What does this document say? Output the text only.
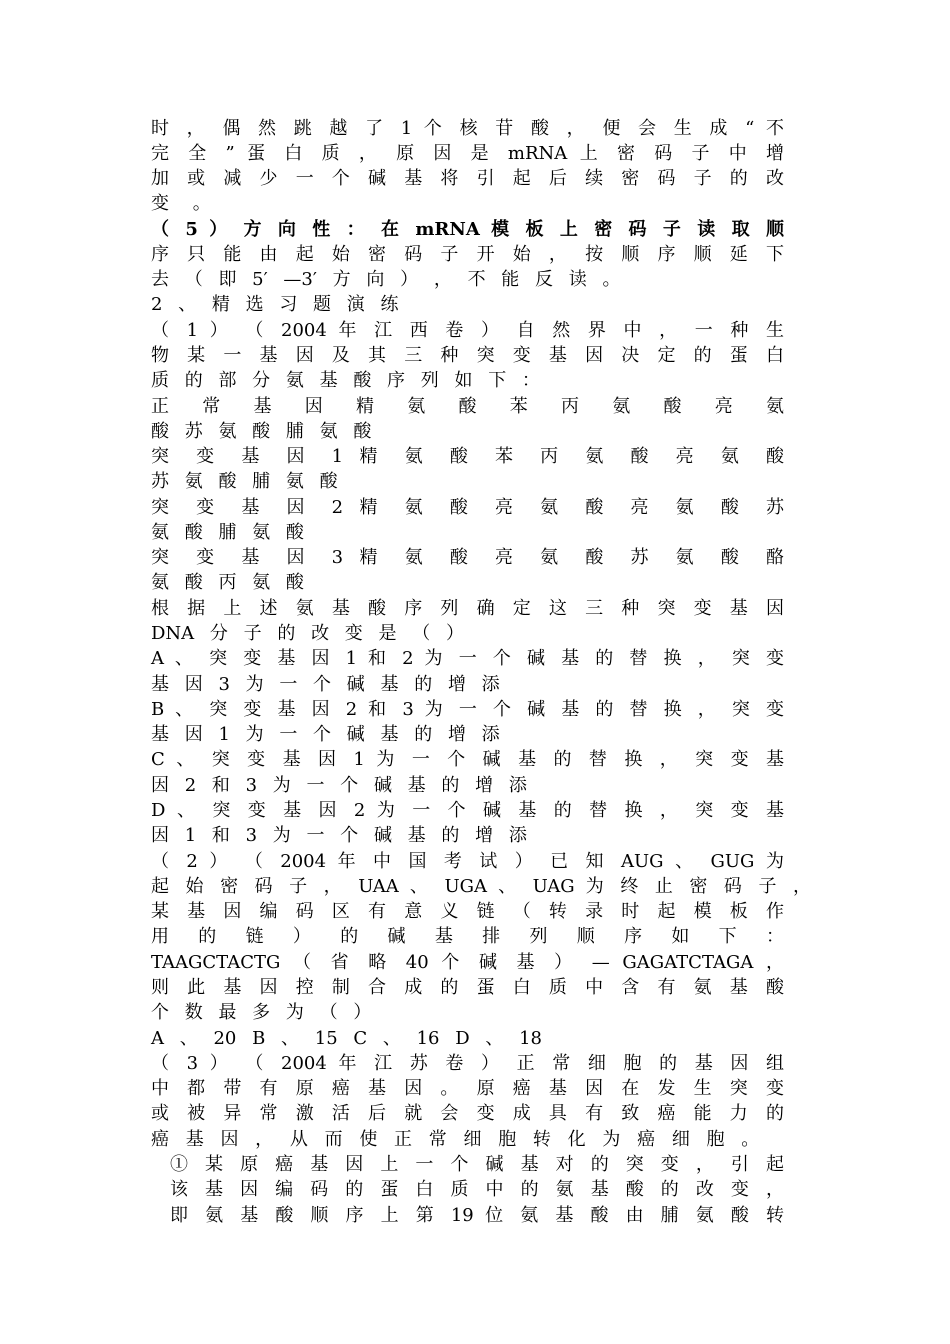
时 ， 偶 然 跳 越 了 1 个 核 苷 酸 ， 便 会 生 成 “ 不
完 全 ” 蛋 白 质 ， 原 因 是 mRNA 上 密 码 子 中 增
加 或 减 少 一 个 碱 基 将 引 起 后 续 密 码 子 的 改
变 。
（ 5 ） 方 向 性 ： 在 mRNA 模 板 上 密 码 子 读 取 顺
序 只 能 由 起 始 密 码 子 开 始 ， 按 顺 序 顺 延 下
去 （ 即 5′ —3′ 方 向 ） ， 不 能 反 读 。
2 、 精 选 习 题 演 练
（ 1 ） （ 2004 年 江 西 卷 ） 自 然 界 中 ， 一 种 生
物 某 一 基 因 及 其 三 种 突 变 基 因 决 定 的 蛋 白
质 的 部 分 氨 基 酸 序 列 如 下 ：
正 常 基 因 精 氨 酸 苯 丙 氨 酸 亮 氨
酸 苏 氨 酸 脯 氨 酸
突 变 基 因 1 精 氨 酸 苯 丙 氨 酸 亮 氨 酸
苏 氨 酸 脯 氨 酸
突 变 基 因 2 精 氨 酸 亮 氨 酸 亮 氨 酸 苏
氨 酸 脯 氨 酸
突 变 基 因 3 精 氨 酸 亮 氨 酸 苏 氨 酸 酪
氨 酸 丙 氨 酸
根 据 上 述 氨 基 酸 序 列 确 定 这 三 种 突 变 基 因
DNA 分 子 的 改 变 是 （ ）
A 、 突 变 基 因 1 和 2 为 一 个 碱 基 的 替 换 ， 突 变
基 因 3 为 一 个 碱 基 的 增 添
B 、 突 变 基 因 2 和 3 为 一 个 碱 基 的 替 换 ， 突 变
基 因 1 为 一 个 碱 基 的 增 添
C 、 突 变 基 因 1 为 一 个 碱 基 的 替 换 ， 突 变 基
因 2 和 3 为 一 个 碱 基 的 增 添
D 、 突 变 基 因 2 为 一 个 碱 基 的 替 换 ， 突 变 基
因 1 和 3 为 一 个 碱 基 的 增 添
（ 2 ） （ 2004 年 中 国 考 试 ） 已 知 AUG 、 GUG 为
起 始 密 码 子 ， UAA 、 UGA 、 UAG 为 终 止 密 码 子 ，
某 基 因 编 码 区 有 意 义 链 （ 转 录 时 起 模 板 作
用 的 链 ） 的 碱 基 排 列 顺 序 如 下 ：
TAAGCTACTG （ 省 略 40 个 碱 基 ） — GAGATCTAGA ，
则 此 基 因 控 制 合 成 的 蛋 白 质 中 含 有 氨 基 酸
个 数 最 多 为 （ ）
A 、 20 B 、 15 C 、 16 D 、 18
（ 3 ） （ 2004 年 江 苏 卷 ） 正 常 细 胞 的 基 因 组
中 都 带 有 原 癌 基 因 。 原 癌 基 因 在 发 生 突 变
或 被 异 常 激 活 后 就 会 变 成 具 有 致 癌 能 力 的
癌 基 因 ， 从 而 使 正 常 细 胞 转 化 为 癌 细 胞 。
① 某 原 癌 基 因 上 一 个 碱 基 对 的 突 变 ， 引 起
该 基 因 编 码 的 蛋 白 质 中 的 氨 基 酸 的 改 变 ，
即 氨 基 酸 顺 序 上 第 19 位 氨 基 酸 由 脯 氨 酸 转
